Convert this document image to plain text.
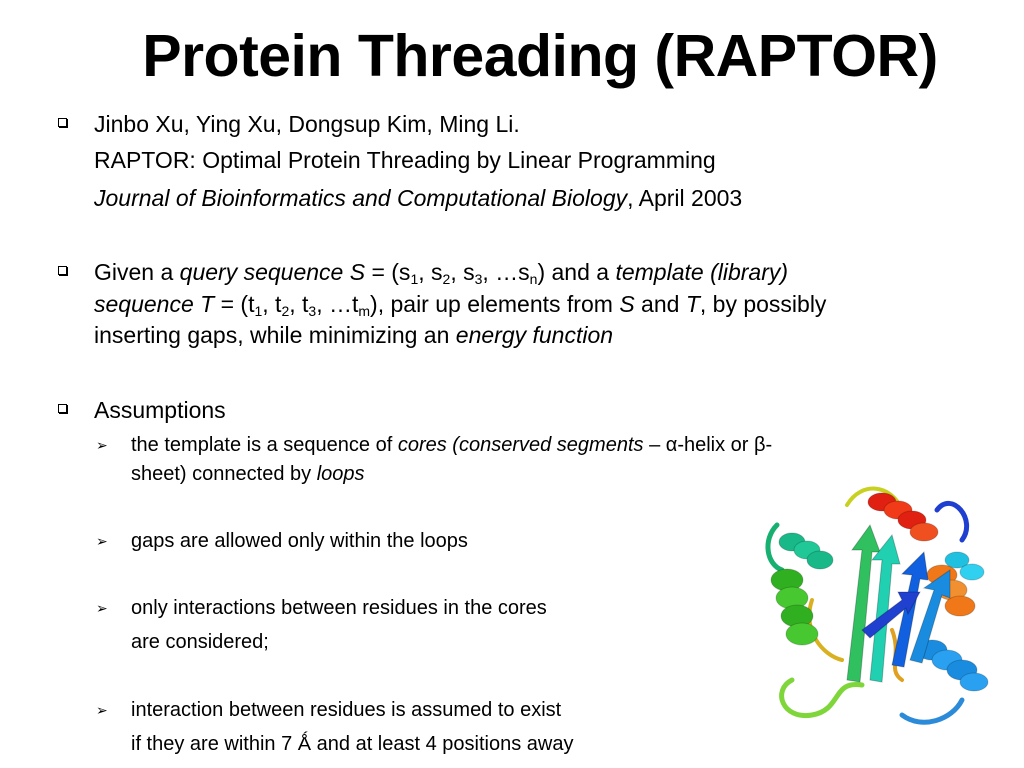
Protein Threading (RAPTOR)
Jinbo Xu, Ying Xu, Dongsup Kim, Ming Li.
RAPTOR: Optimal Protein Threading by Linear Programming
Journal of Bioinformatics and Computational Biology, April 2003
Given a query sequence $S = (s_1$, $s_2$, $s_3$, $\dots s_n$) and a template (library)
sequence $T = (t_1$, $t_2$, $t_3$, $\dots t_m$), pair up elements from S and T, by possibly
inserting gaps, while minimizing an energy function
Assumptions
➢ the template is a sequence of cores (conserved segments – α-helix or β-
sheet) connected by loops
➢ gaps are allowed only within the loops
➢ only interactions between residues in the cores
are considered;
➢ interaction between residues is assumed to exist
if they are within 7 Ǻ and at least 4 positions away
